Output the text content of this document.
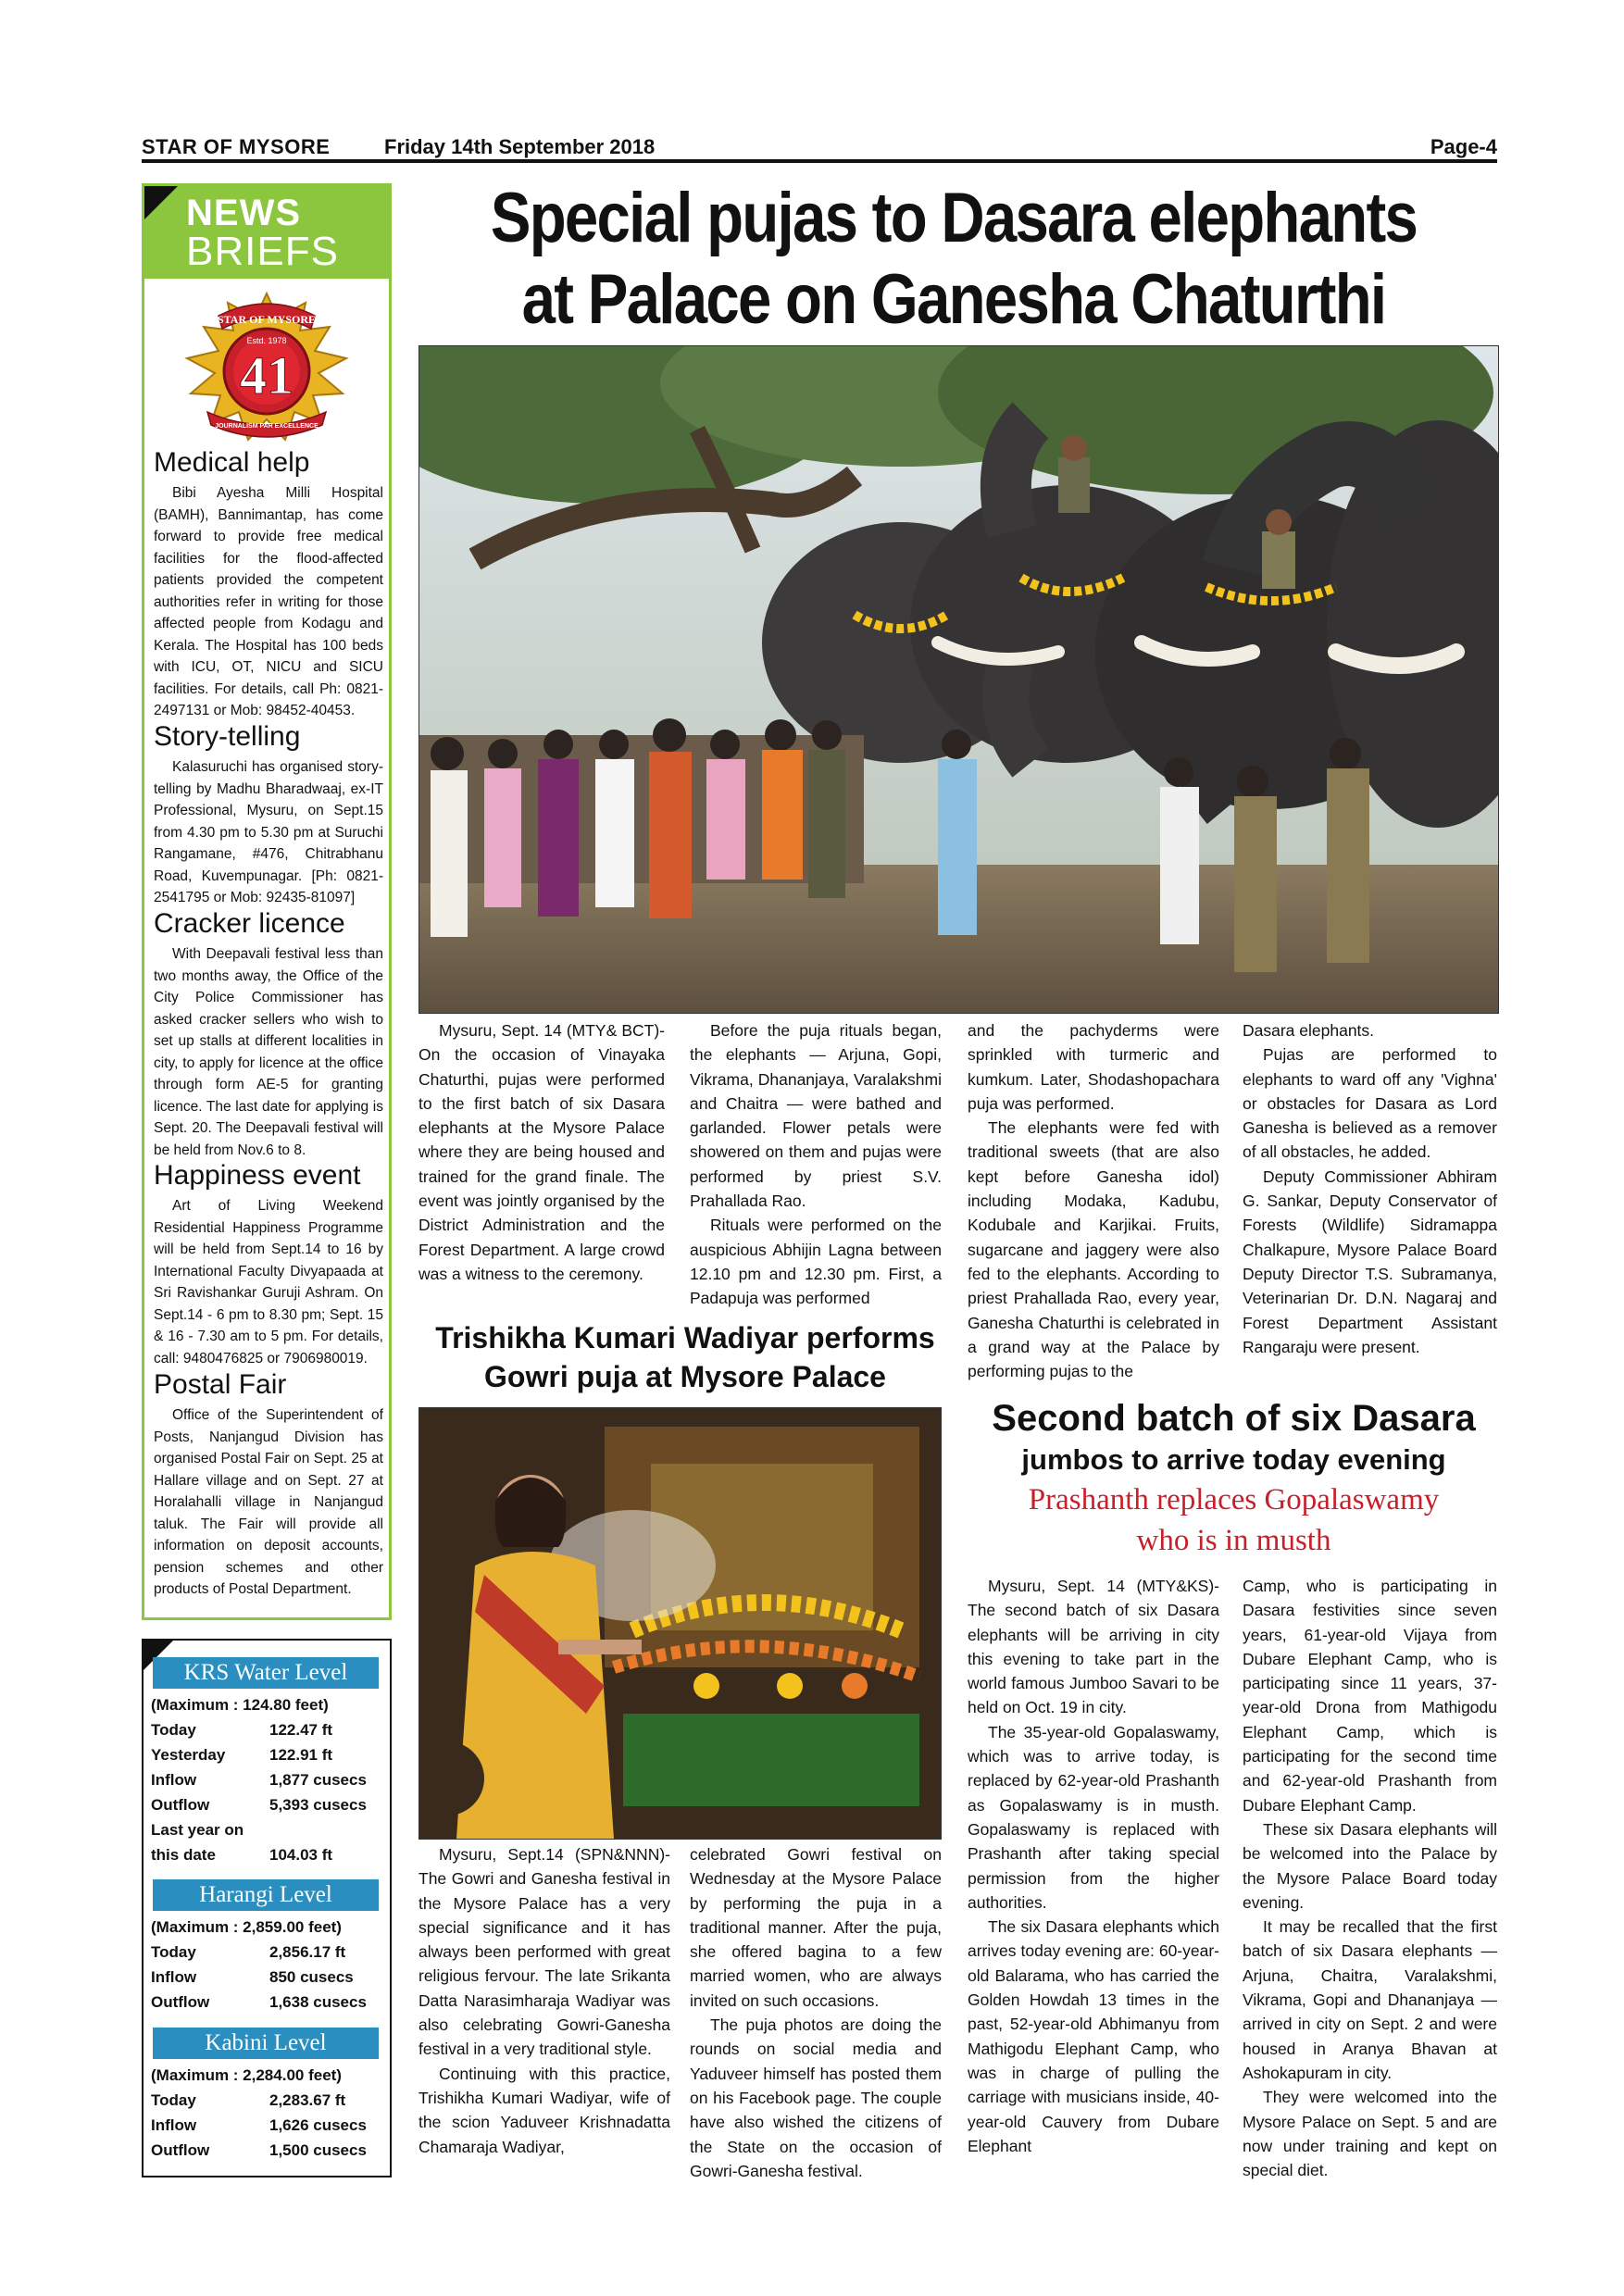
STAR OF MYSORE	Friday 14th September 2018	Page-4
NEWS
BRIEFS
STAR OF MYSORE
Estd. 1978
41
JOURNALISM PAR EXCELLENCE
Medical help

Bibi Ayesha Milli Hospital (BAMH), Bannimantap, has come forward to provide free medical facilities for the flood-affected patients provided the competent authorities refer in writing for those affected people from Kodagu and Kerala. The Hospital has 100 beds with ICU, OT, NICU and SICU facilities. For details, call Ph: 0821-2497131 or Mob: 98452-40453.

Story-telling

Kalasuruchi has organised story-telling by Madhu Bharadwaaj, ex-IT Professional, Mysuru, on Sept.15 from 4.30 pm to 5.30 pm at Suruchi Rangamane, #476, Chitrabhanu Road, Kuvempunagar. [Ph: 0821-2541795 or Mob: 92435-81097]

Cracker licence

With Deepavali festival less than two months away, the Office of the City Police Commissioner has asked cracker sellers who wish to set up stalls at different localities in city, to apply for licence at the office through form AE-5 for granting licence. The last date for applying is Sept. 20. The Deepavali festival will be held from Nov.6 to 8.

Happiness event

Art of Living Weekend Residential Happiness Programme will be held from Sept.14 to 16 by International Faculty Divyapaada at Sri Ravishankar Guruji Ashram. On Sept.14 - 6 pm to 8.30 pm; Sept. 15 & 16 - 7.30 am to 5 pm. For details, call: 9480476825 or 7906980019.

Postal Fair

Office of the Superintendent of Posts, Nanjangud Division has organised Postal Fair on Sept. 25 at Hallare village and on Sept. 27 at Horalahalli village in Nanjangud taluk. The Fair will provide all information on deposit accounts, pension schemes and other products of Postal Department.

KRS Water Level
(Maximum : 124.80 feet)
Today	122.47 ft
Yesterday	122.91 ft
Inflow	1,877 cusecs
Outflow	5,393 cusecs
Last year on
this date	104.03 ft
Harangi Level
(Maximum : 2,859.00 feet)
Today	2,856.17 ft
Inflow	850 cusecs
Outflow	1,638 cusecs
Kabini Level
(Maximum : 2,284.00 feet)
Today	2,283.67 ft
Inflow	1,626 cusecs
Outflow	1,500 cusecs
Special pujas to Dasara elephants
at Palace on Ganesha Chaturthi

Mysuru, Sept. 14 (MTY& BCT)- On the occasion of Vinayaka Chaturthi, pujas were performed to the first batch of six Dasara elephants at the Mysore Palace where they are being housed and trained for the grand finale. The event was jointly organised by the District Administration and the Forest Department. A large crowd was a witness to the ceremony.

Before the puja rituals began, the elephants — Arjuna, Gopi, Vikrama, Dhananjaya, Varalakshmi and Chaitra — were bathed and garlanded. Flower petals were showered on them and pujas were performed by priest S.V. Prahallada Rao.

Rituals were performed on the auspicious Abhijin Lagna between 12.10 pm and 12.30 pm. First, a Padapuja was performed

and the pachyderms were sprinkled with turmeric and kumkum. Later, Shodashopachara puja was performed.

The elephants were fed with traditional sweets (that are also kept before Ganesha idol) including Modaka, Kadubu, Kodubale and Karjikai. Fruits, sugarcane and jaggery were also fed to the elephants. According to priest Prahallada Rao, every year, Ganesha Chaturthi is celebrated in a grand way at the Palace by performing pujas to the

Dasara elephants.

Pujas are performed to elephants to ward off any 'Vighna' or obstacles for Dasara as Lord Ganesha is believed as a remover of all obstacles, he added.

Deputy Commissioner Abhiram G. Sankar, Deputy Conservator of Forests (Wildlife) Sidramappa Chalkapure, Mysore Palace Board Deputy Director T.S. Subramanya, Veterinarian Dr. D.N. Nagaraj and Forest Department Assistant Rangaraju were present.

Trishikha Kumari Wadiyar performs
Gowri puja at Mysore Palace

Mysuru, Sept.14 (SPN&NNN)- The Gowri and Ganesha festival in the Mysore Palace has a very special significance and it has always been performed with great religious fervour. The late Srikanta Datta Narasimharaja Wadiyar was also celebrating Gowri-Ganesha festival in a very traditional style.

Continuing with this practice, Trishikha Kumari Wadiyar, wife of the scion Yaduveer Krishnadatta Chamaraja Wadiyar,

celebrated Gowri festival on Wednesday at the Mysore Palace by performing the puja in a traditional manner. After the puja, she offered bagina to a few married women, who are always invited on such occasions.

The puja photos are doing the rounds on social media and Yaduveer himself has posted them on his Facebook page. The couple have also wished the citizens of the State on the occasion of Gowri-Ganesha festival.

Second batch of six Dasara
jumbos to arrive today evening
Prashanth replaces Gopalaswamy
who is in musth

Mysuru, Sept. 14 (MTY&KS)- The second batch of six Dasara elephants will be arriving in city this evening to take part in the world famous Jumboo Savari to be held on Oct. 19 in city.

The 35-year-old Gopalaswamy, which was to arrive today, is replaced by 62-year-old Prashanth as Gopalaswamy is in musth. Gopalaswamy is replaced with Prashanth after taking special permission from the higher authorities.

The six Dasara elephants which arrives today evening are: 60-year-old Balarama, who has carried the Golden Howdah 13 times in the past, 52-year-old Abhimanyu from Mathigodu Elephant Camp, who was in charge of pulling the carriage with musicians inside, 40-year-old Cauvery from Dubare Elephant

Camp, who is participating in Dasara festivities since seven years, 61-year-old Vijaya from Dubare Elephant Camp, who is participating since 11 years, 37-year-old Drona from Mathigodu Elephant Camp, which is participating for the second time and 62-year-old Prashanth from Dubare Elephant Camp.

These six Dasara elephants will be welcomed into the Palace by the Mysore Palace Board today evening.

It may be recalled that the first batch of six Dasara elephants — Arjuna, Chaitra, Varalakshmi, Vikrama, Gopi and Dhananjaya — arrived in city on Sept. 2 and were housed in Aranya Bhavan at Ashokapuram in city.

They were welcomed into the Mysore Palace on Sept. 5 and are now under training and kept on special diet.
